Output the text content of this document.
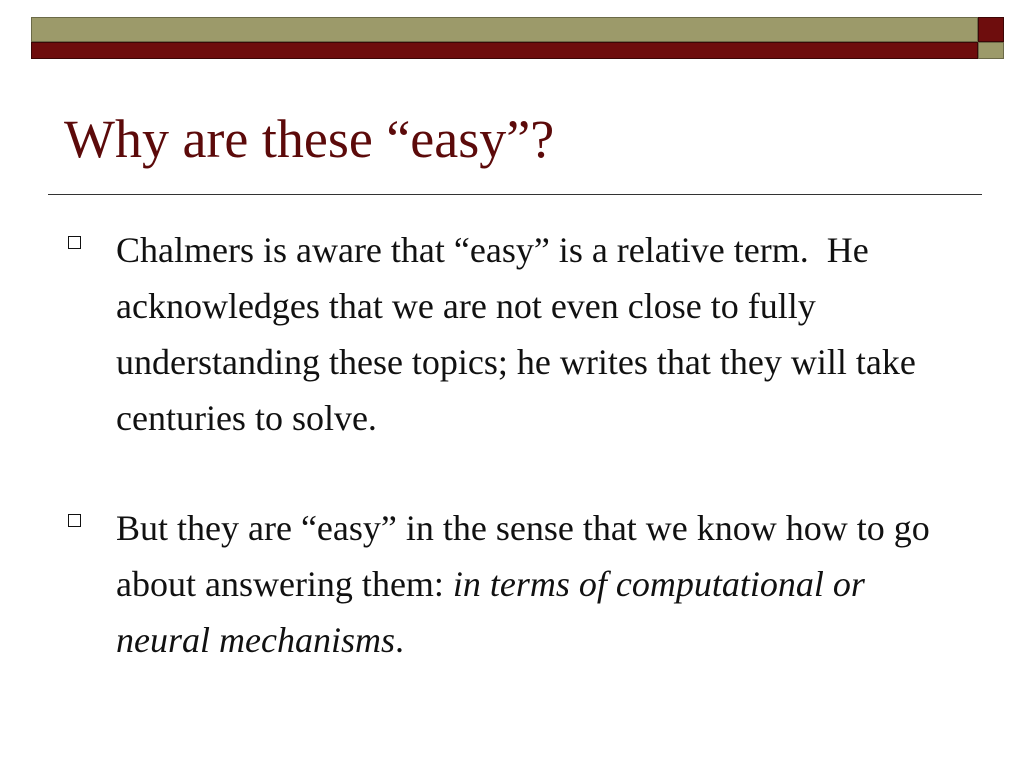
Why are these “easy”?
Chalmers is aware that “easy” is a relative term.  He acknowledges that we are not even close to fully understanding these topics; he writes that they will take centuries to solve.
But they are “easy” in the sense that we know how to go about answering them: in terms of computational or neural mechanisms.
